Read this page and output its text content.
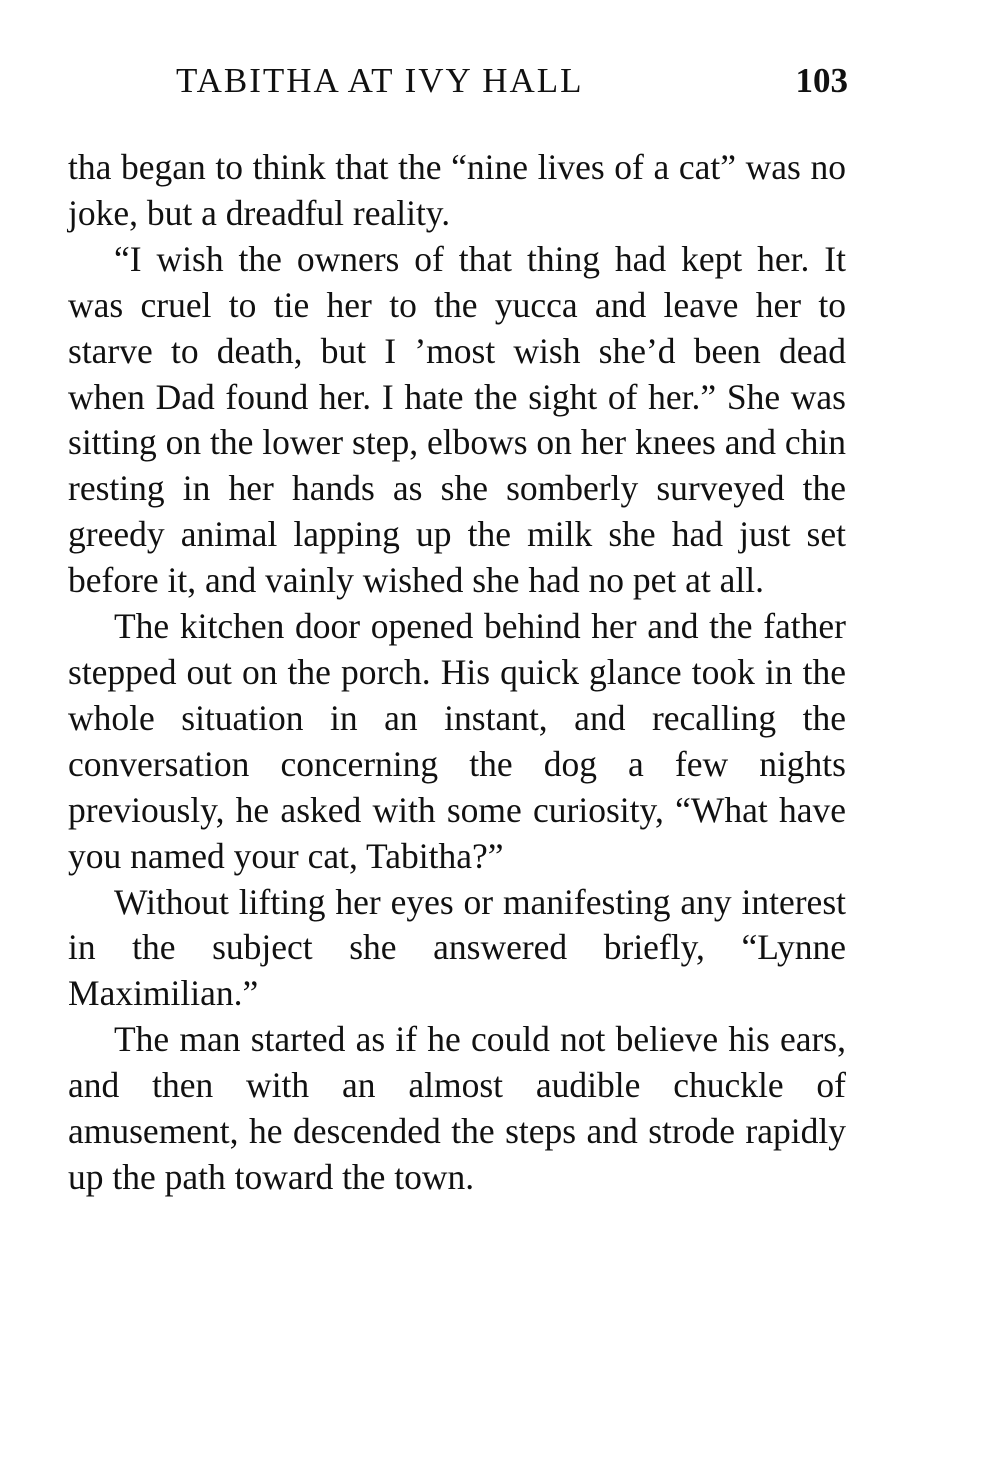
TABITHA AT IVY HALL	103

tha began to think that the “nine lives of a cat” was no joke, but a dreadful reality.

“I wish the owners of that thing had kept her. It was cruel to tie her to the yucca and leave her to starve to death, but I ’most wish she’d been dead when Dad found her. I hate the sight of her.” She was sitting on the lower step, elbows on her knees and chin resting in her hands as she somberly surveyed the greedy animal lapping up the milk she had just set before it, and vainly wished she had no pet at all.

The kitchen door opened behind her and the father stepped out on the porch. His quick glance took in the whole situation in an instant, and recalling the conversation concerning the dog a few nights previously, he asked with some curiosity, “What have you named your cat, Tabitha?”

Without lifting her eyes or manifesting any interest in the subject she answered briefly, “Lynne Maximilian.”

The man started as if he could not believe his ears, and then with an almost audible chuckle of amusement, he descended the steps and strode rapidly up the path toward the town.
